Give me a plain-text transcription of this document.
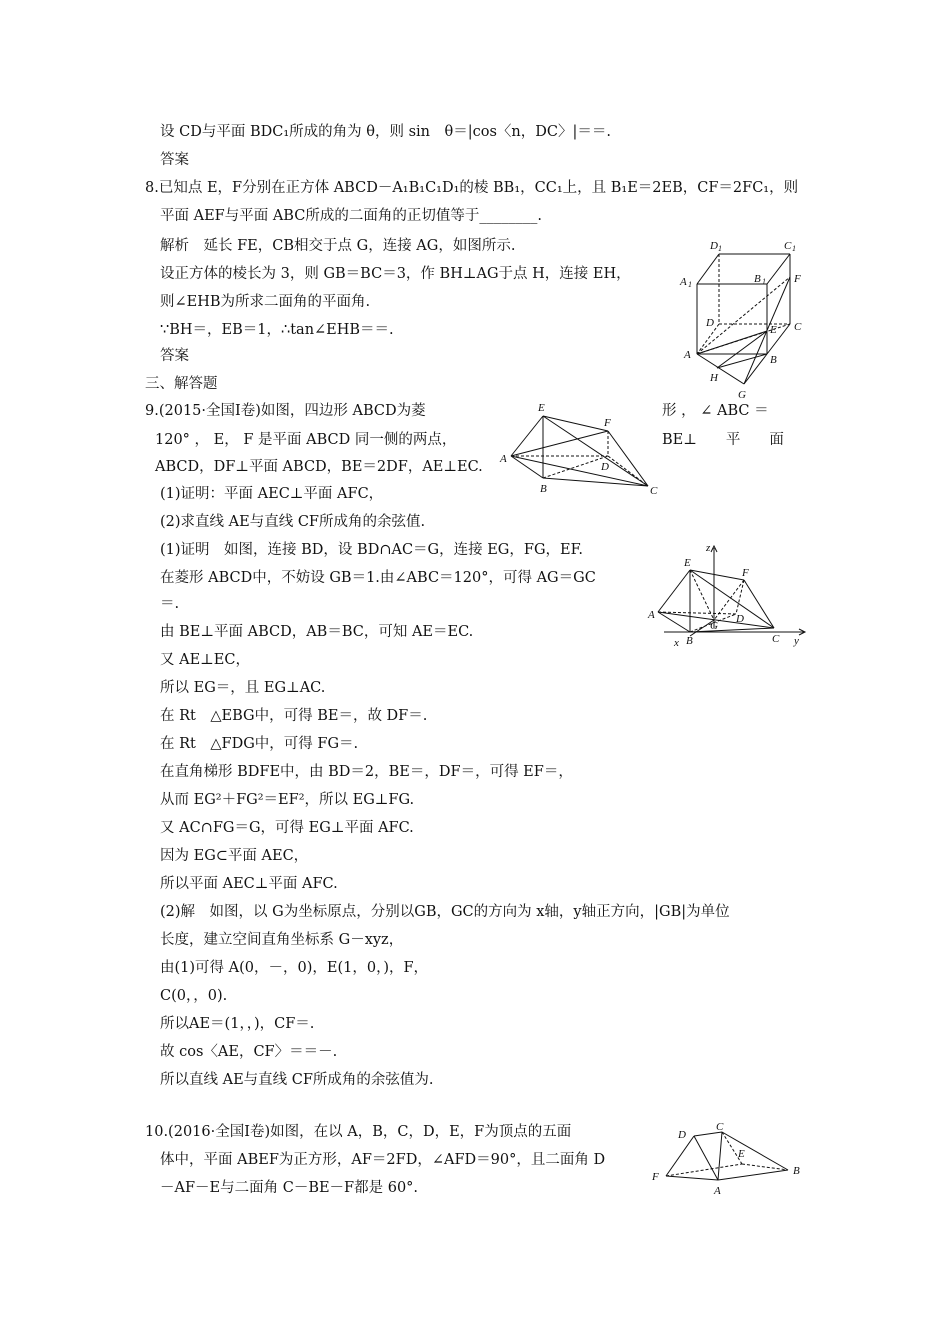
设 CD与平面 BDC₁所成的角为 θ，则 sin　θ＝|cos〈n，DC〉|＝＝.
答案
8.已知点 E，F分别在正方体 ABCD－A₁B₁C₁D₁的棱 BB₁，CC₁上，且 B₁E＝2EB，CF＝2FC₁，则
平面 AEF与平面 ABC所成的二面角的正切值等于________.
解析　延长 FE，CB相交于点 G，连接 AG，如图所示.
设正方体的棱长为 3，则 GB＝BC＝3，作 BH⊥AG于点 H，连接 EH，
则∠EHB为所求二面角的平面角.
∵BH＝，EB＝1，∴tan∠EHB＝＝.
答案
D 1	C 1
A 1	B 1	F
D
E C
A	B
H
G
三、解答题
9.(2015·全国Ⅰ卷)如图，四边形 ABCD为菱	形 ， ∠ ABC ＝
120° ， E， F 是平面 ABCD 同一侧的两点，	BE⊥　　平　　面
ABCD，DF⊥平面 ABCD，BE＝2DF，AE⊥EC.
(1)证明：平面 AEC⊥平面 AFC，
(2)求直线 AE与直线 CF所成角的余弦值.
(1)证明　如图，连接 BD，设 BD∩AC＝G，连接 EG，FG，EF.
在菱形 ABCD中，不妨设 GB＝1.由∠ABC＝120°，可得 AG＝GC
＝.
由 BE⊥平面 ABCD，AB＝BC，可知 AE＝EC.
又 AE⊥EC，
所以 EG＝，且 EG⊥AC.
在 Rt　△EBG中，可得 BE＝，故 DF＝.
在 Rt　△FDG中，可得 FG＝.
在直角梯形 BDFE中，由 BD＝2，BE＝，DF＝，可得 EF＝，
从而 EG²＋FG²＝EF²，所以 EG⊥FG.
又 AC∩FG＝G，可得 EG⊥平面 AFC.
因为 EG⊂平面 AEC，
所以平面 AEC⊥平面 AFC.
(2)解　如图，以 G为坐标原点，分别以GB，GC的方向为 x轴，y轴正方向，|GB|为单位
长度，建立空间直角坐标系 G－xyz，
由(1)可得 A(0，－，0)，E(1，0，)，F，
C(0，，0).
所以AE＝(1，，)，CF＝.
故 cos〈AE，CF〉＝＝－.
所以直线 AE与直线 CF所成角的余弦值为.
E
F
A
D
B	C
z
E
F
A	D
G
B	C
x	y
10.(2016·全国Ⅰ卷)如图，在以 A，B，C，D，E，F为顶点的五面
体中，平面 ABEF为正方形，AF＝2FD，∠AFD＝90°，且二面角 D
－AF－E与二面角 C－BE－F都是 60°.
D
C
E
B
F
A
